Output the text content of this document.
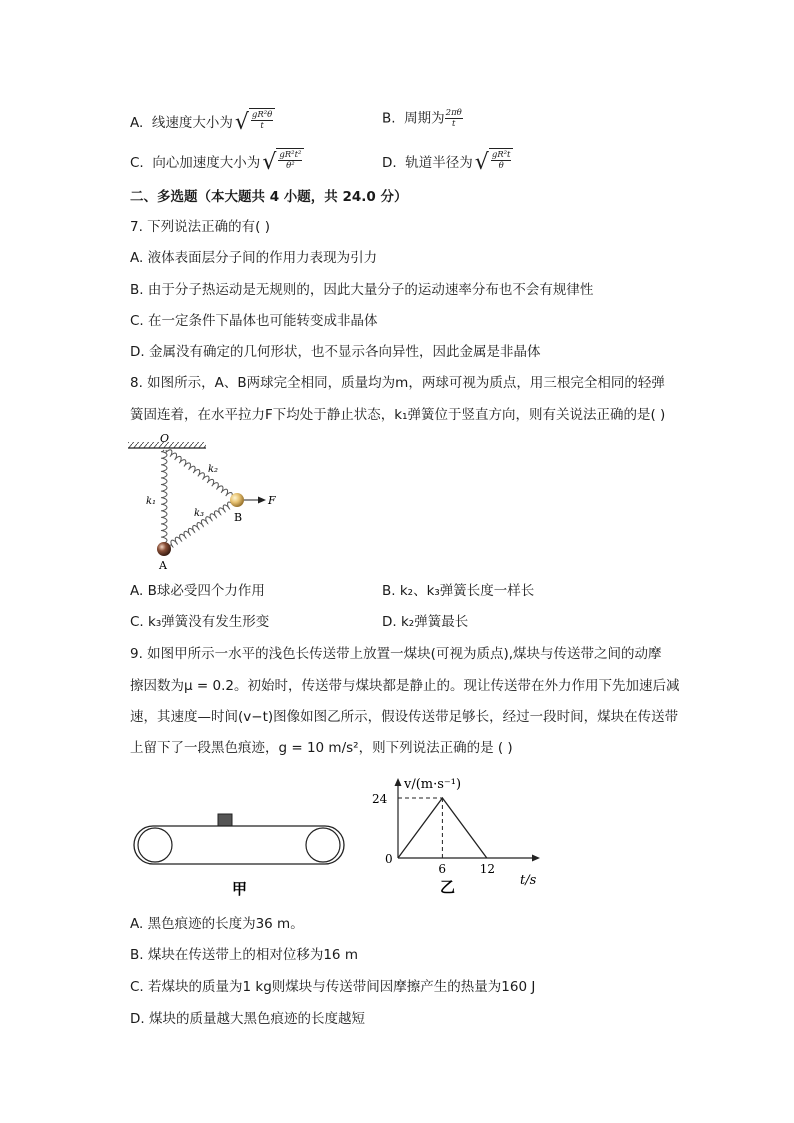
A. 线速度大小为 √ $\frac{\text{gR²θ}}{t}$	B. 周期为 $\frac{2\pi\theta}{t}$
C. 向心加速度大小为 √ $\frac{\text{gR²t²}}{\text{θ²}}$	D. 轨道半径为 √ $\frac{\text{gR²t}}{\theta}$
二、多选题（本大题共 4 小题，共 24.0 分）
7. 下列说法正确的有( )
A. 液体表面层分子间的作用力表现为引力
B. 由于分子热运动是无规则的，因此大量分子的运动速率分布也不会有规律性
C. 在一定条件下晶体也可能转变成非晶体
D. 金属没有确定的几何形状，也不显示各向异性，因此金属是非晶体
8. 如图所示，A、B两球完全相同，质量均为m，两球可视为质点，用三根完全相同的轻弹
簧固连着，在水平拉力F下均处于静止状态，k₁弹簧位于竖直方向，则有关说法正确的是( )
O
k₁
k₂
k₃
A
B
F
A. B球必受四个力作用	B. k₂、k₃弹簧长度一样长
C. k₃弹簧没有发生形变	D. k₂弹簧最长
9. 如图甲所示一水平的浅色长传送带上放置一煤块(可视为质点),煤块与传送带之间的动摩
擦因数为μ = 0.2。初始时，传送带与煤块都是静止的。现让传送带在外力作用下先加速后减
速，其速度—时间(v−t)图像如图乙所示，假设传送带足够长，经过一段时间，煤块在传送带
上留下了一段黑色痕迹，g = 10 m/s²，则下列说法正确的是 ( )
甲
v/(m·s⁻¹)
t/s
0
24
6	12
乙
A. 黑色痕迹的长度为36 m。
B. 煤块在传送带上的相对位移为16 m
C. 若煤块的质量为1 kg则煤块与传送带间因摩擦产生的热量为160 J
D. 煤块的质量越大黑色痕迹的长度越短
